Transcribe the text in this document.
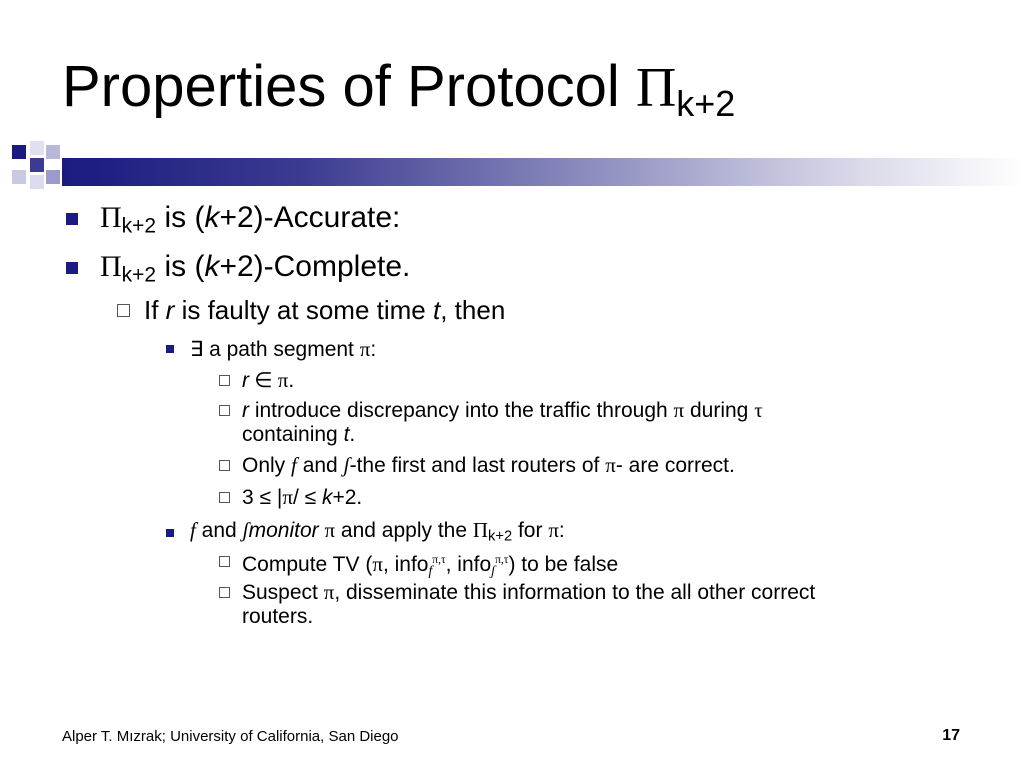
Properties of Protocol $\Pi_{k+2}$
Πk+2 is (k+2)-Accurate:
Πk+2 is (k+2)-Complete.
If r is faulty at some time t, then
∃ a path segment π:
r ∈ π.
r introduce discrepancy into the traffic through π during τ
containing t.
Only f and ʃ-the first and last routers of π- are correct.
3 ≤ |π/ ≤ k+2.
f and ʃmonitor π and apply the Πk+2 for π:
Compute TV (π, infof$^{\pi,\tau}$, infoʃ$^{\pi,\tau}$) to be false
Suspect π, disseminate this information to the all other correct
routers.
Alper T. Mızrak; University of California, San Diego	17
